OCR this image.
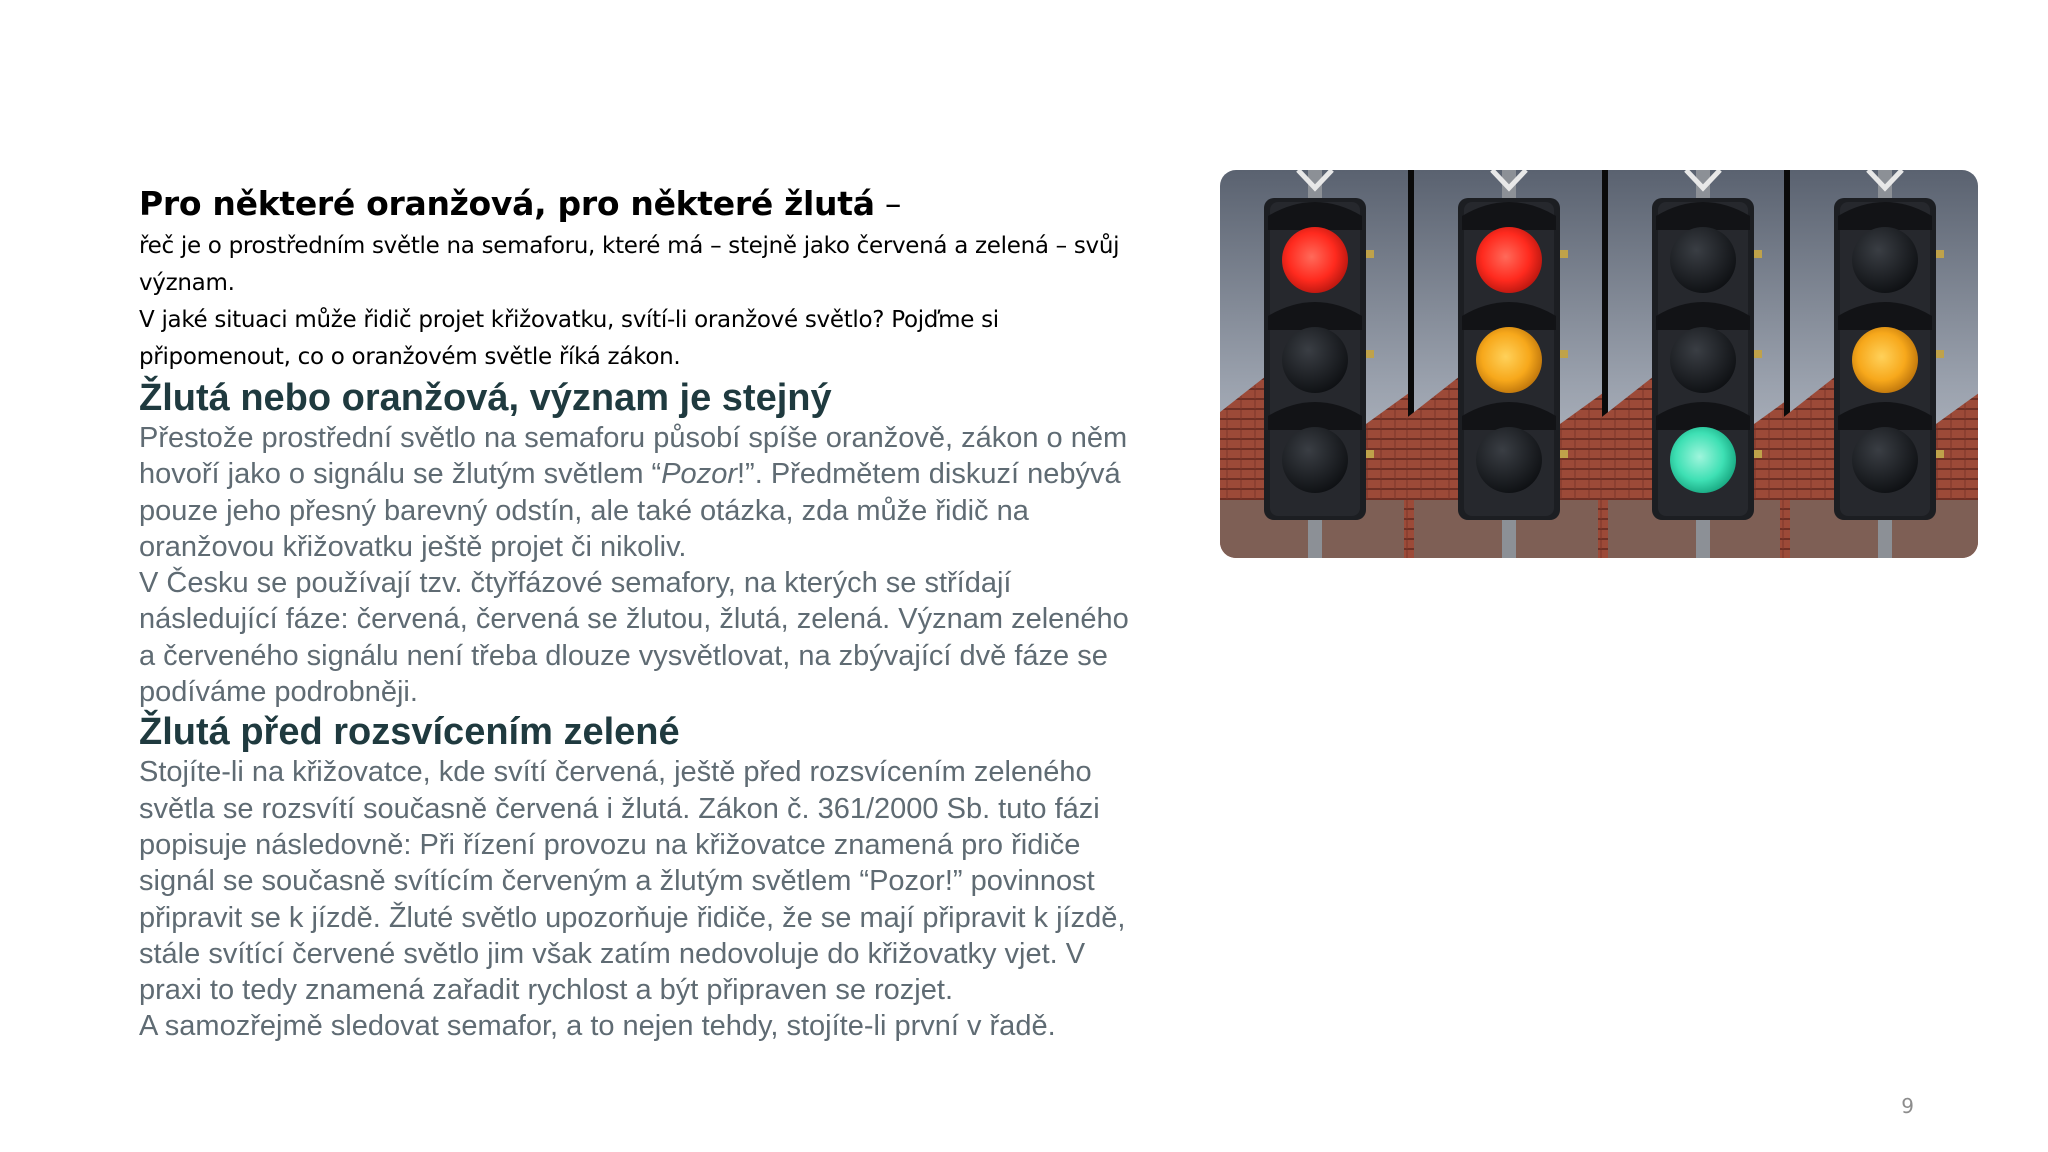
Pro některé oranžová, pro některé žlutá –

řeč je o prostředním světle na semaforu, které má – stejně jako červená a zelená – svůj význam.

V jaké situaci může řidič projet křižovatku, svítí-li oranžové světlo? Pojďme si připomenout, co o oranžovém světle říká zákon.

Žlutá nebo oranžová, význam je stejný

Přestože prostřední světlo na semaforu působí spíše oranžově, zákon o něm hovoří jako o signálu se žlutým světlem “Pozor!”. Předmětem diskuzí nebývá pouze jeho přesný barevný odstín, ale také otázka, zda může řidič na oranžovou křižovatku ještě projet či nikoliv.

V Česku se používají tzv. čtyřfázové semafory, na kterých se střídají následující fáze: červená, červená se žlutou, žlutá, zelená. Význam zeleného a červeného signálu není třeba dlouze vysvětlovat, na zbývající dvě fáze se podíváme podrobněji.

Žlutá před rozsvícením zelené

Stojíte-li na křižovatce, kde svítí červená, ještě před rozsvícením zeleného světla se rozsvítí současně červená i žlutá. Zákon č. 361/2000 Sb. tuto fázi popisuje následovně: Při řízení provozu na křižovatce znamená pro řidiče signál se současně svítícím červeným a žlutým světlem “Pozor!” povinnost připravit se k jízdě. Žluté světlo upozorňuje řidiče, že se mají připravit k jízdě, stále svítící červené světlo jim však zatím nedovoluje do křižovatky vjet. V praxi to tedy znamená zařadit rychlost a být připraven se rozjet.

A samozřejmě sledovat semafor, a to nejen tehdy, stojíte-li první v řadě.

9
